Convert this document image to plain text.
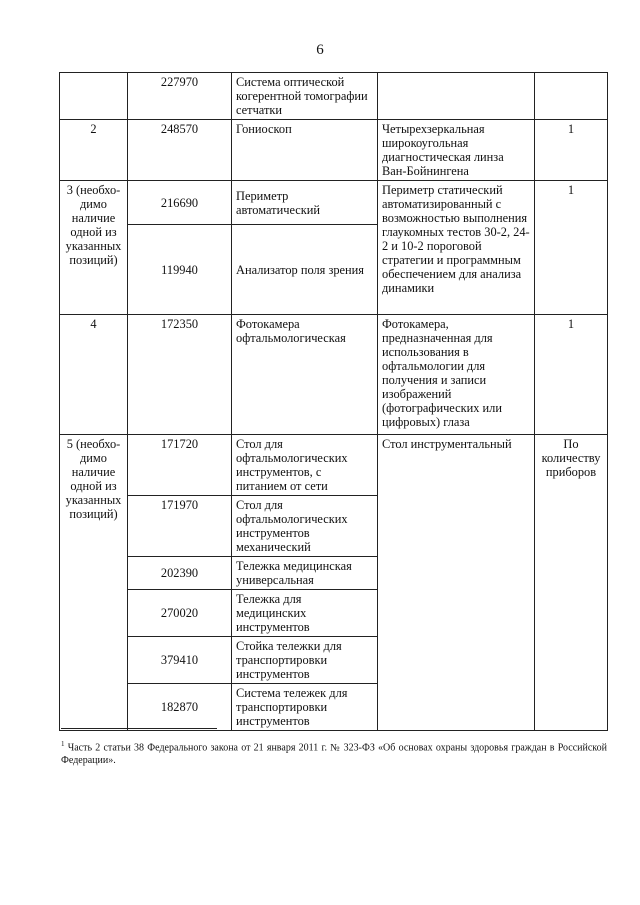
6
	227970	Система оптической когерентной томографии сетчатки		
2	248570	Гониоскоп	Четырехзеркальная широкоугольная диагностическая линза Ван-Бойнингена	1
3 (необхо-димо наличие одной из указанных позиций)	216690	Периметр автоматический	Периметр статический автоматизированный с возможностью выполнения глаукомных тестов 30-2, 24-2 и 10-2 пороговой стратегии и программным обеспечением для анализа динамики	1
	119940	Анализатор поля зрения		
4	172350	Фотокамера офтальмологическая	Фотокамера, предназначенная для использования в офтальмологии для получения и записи изображений (фотографических или цифровых) глаза	1
5 (необхо-димо наличие одной из указанных позиций)	171720	Стол для офтальмологических инструментов, с питанием от сети	Стол инструментальный	По количеству приборов
	171970	Стол для офтальмологических инструментов механический		
	202390	Тележка медицинская универсальная		
	270020	Тележка для медицинских инструментов		
	379410	Стойка тележки для транспортировки инструментов		
	182870	Система тележек для транспортировки инструментов		
$^1$ Часть 2 статьи 38 Федерального закона от 21 января 2011 г. № 323-ФЗ «Об основах охраны здоровья граждан в Российской Федерации».
